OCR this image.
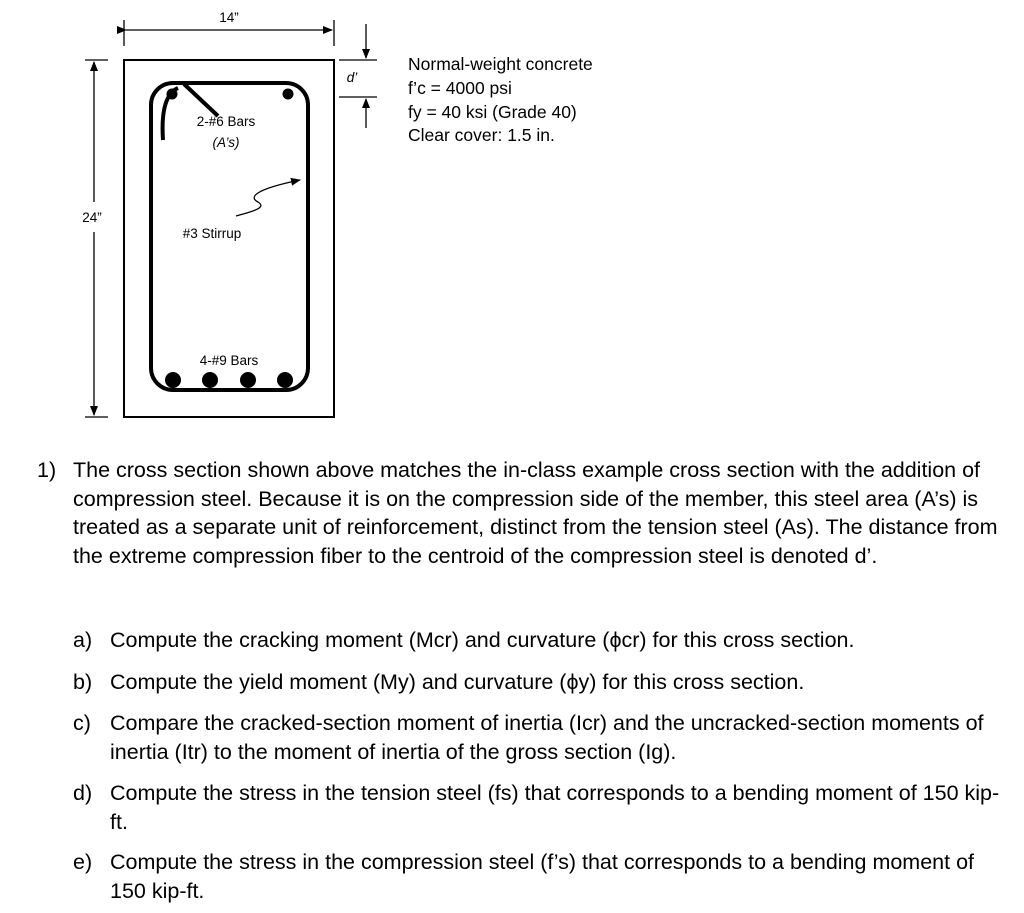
14”
24”
d’
2-#6 Bars
(A’s)
#3 Stirrup
4-#9 Bars
Normal-weight concrete
f’c = 4000 psi
fy = 40 ksi (Grade 40)
Clear cover: 1.5 in.
1) The cross section shown above matches the in-class example cross section with the addition of compression steel. Because it is on the compression side of the member, this steel area (A’s) is treated as a separate unit of reinforcement, distinct from the tension steel (As). The distance from the extreme compression fiber to the centroid of the compression steel is denoted d’.
a) Compute the cracking moment (Mcr) and curvature (ϕcr) for this cross section.
b) Compute the yield moment (My) and curvature (ϕy) for this cross section.
c) Compare the cracked-section moment of inertia (Icr) and the uncracked-section moments of inertia (Itr) to the moment of inertia of the gross section (Ig).
d) Compute the stress in the tension steel (fs) that corresponds to a bending moment of 150 kip-ft.
e) Compute the stress in the compression steel (f’s) that corresponds to a bending moment of 150 kip-ft.
